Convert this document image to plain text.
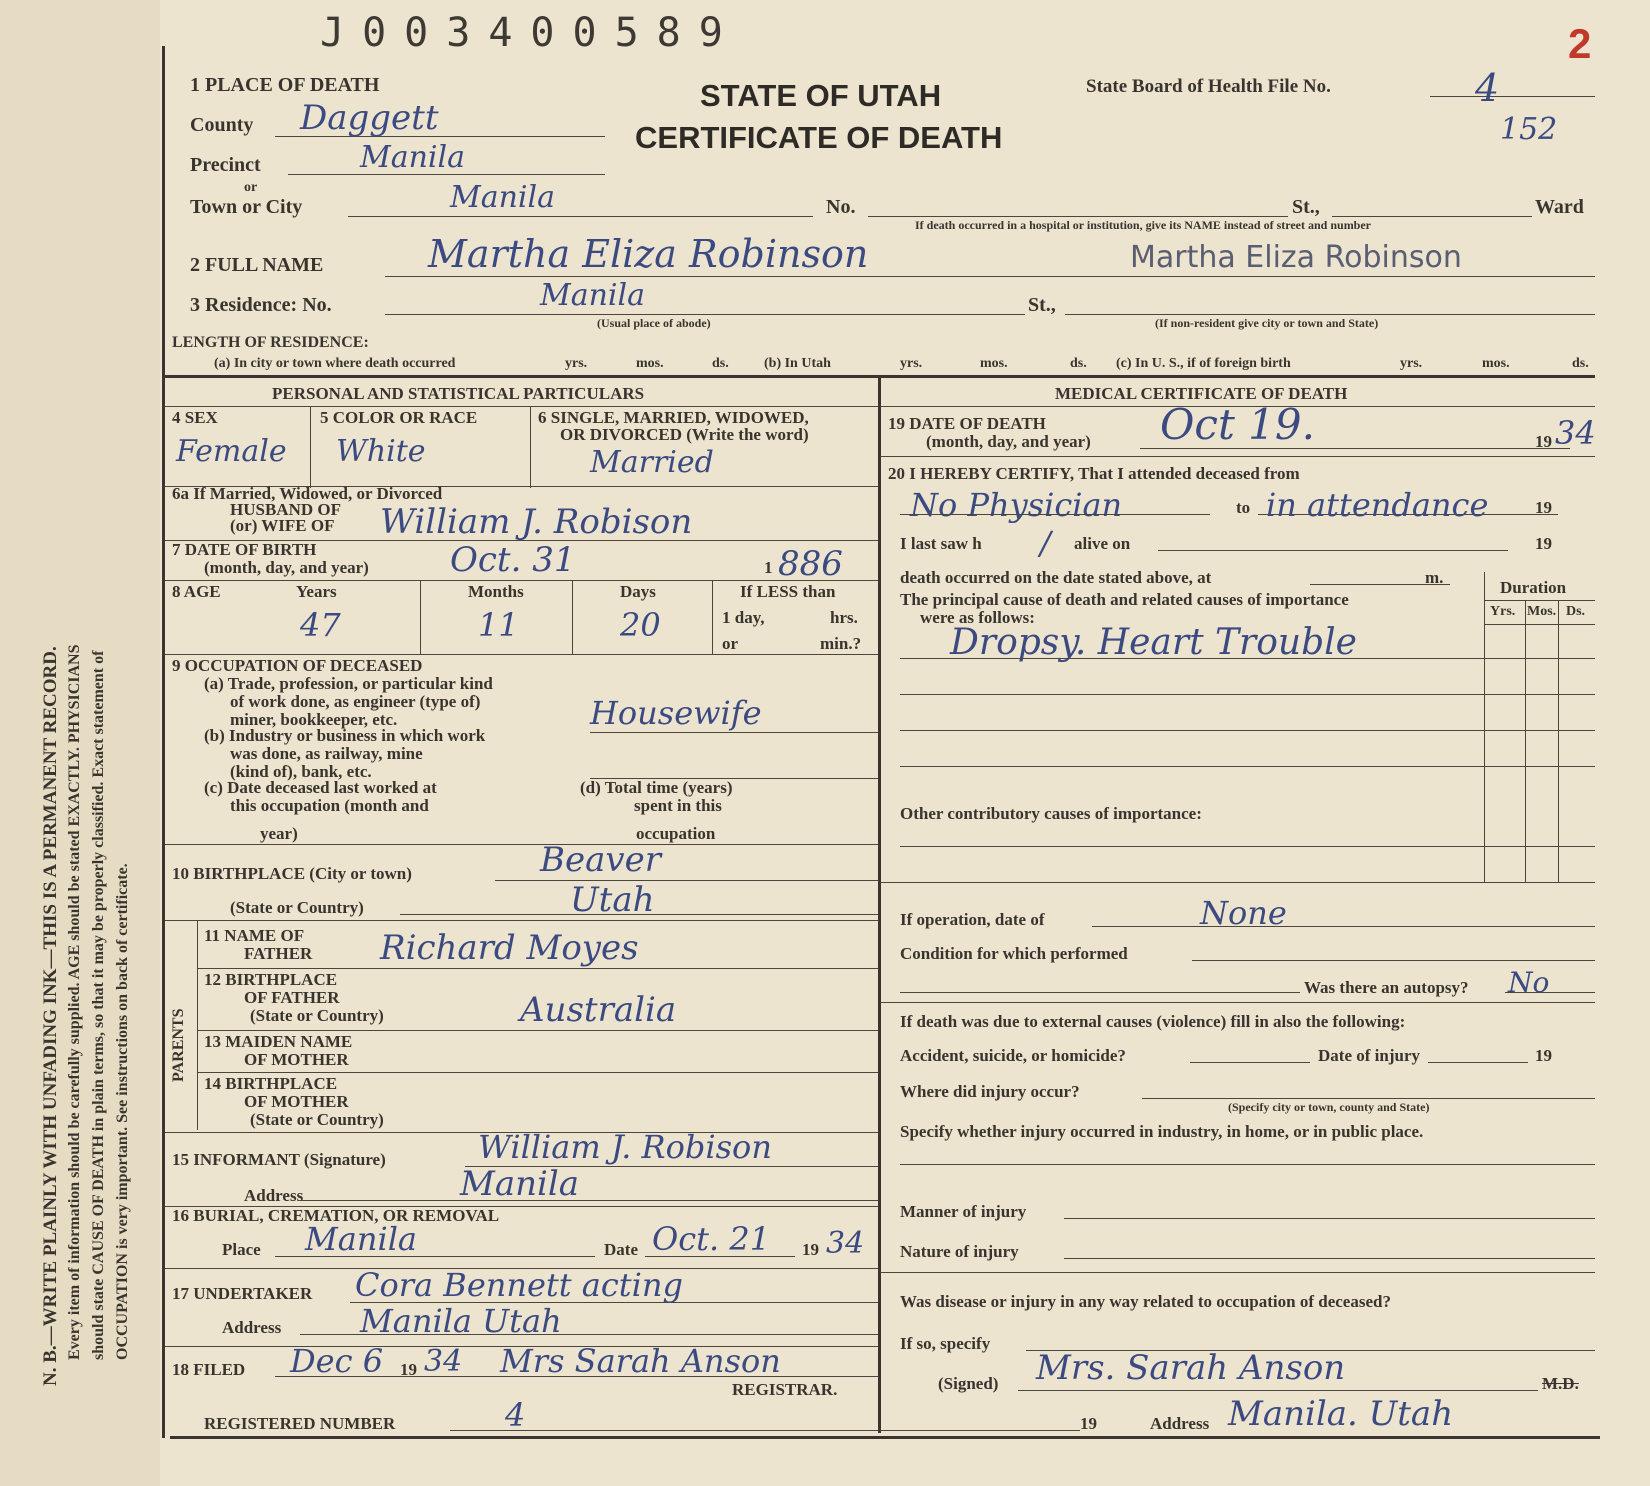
N. B.—WRITE PLAINLY WITH UNFADING INK—THIS IS A PERMANENT RECORD. Every item of information should be carefully supplied. AGE should be stated EXACTLY. PHYSICIANS should state CAUSE OF DEATH in plain terms, so that it may be properly classified. Exact statement of OCCUPATION is very important. See instructions on back of certificate.
J003400589	2
STATE OF UTAH
CERTIFICATE OF DEATH
State Board of Health File No.	4
152
1 PLACE OF DEATH
County Daggett
Precinct	Manila
or
Town or City	Manila	No.	St.,	Ward
If death occurred in a hospital or institution, give its NAME instead of street and number
2 FULL NAME	Martha Eliza Robinson	Martha Eliza Robinson
3 Residence: No.	Manila
(Usual place of abode)
St.,
(If non-resident give city or town and State)
LENGTH OF RESIDENCE:
(a) In city or town where death occurred	yrs.	mos.	ds.	(b) In Utah	yrs.	mos.	ds. (c) In U. S., if of foreign birth	yrs.	mos.	ds.
PERSONAL AND STATISTICAL PARTICULARS
4 SEX
Female
5 COLOR OR RACE
White
6 SINGLE, MARRIED, WIDOWED,
OR DIVORCED (Write the word)
Married
6a If Married, Widowed, or Divorced
HUSBAND OF
(or) WIFE OF William J. Robison
7 DATE OF BIRTH
(month, day, and year) Oct. 31	1 886
8 AGE	Years	Months	Days
47	11	20
If LESS than
1 day,	hrs.
or	min.?
9 OCCUPATION OF DECEASED
(a) Trade, profession, or particular kind
of work done, as engineer (type of)
miner, bookkeeper, etc.	Housewife
(b) Industry or business in which work
was done, as railway, mine
(kind of), bank, etc.
(c) Date deceased last worked at
this occupation (month and
year)
(d) Total time (years)
spent in this
occupation
10 BIRTHPLACE (City or town)	Beaver
(State or Country)	Utah
PARENTS
11 NAME OF
FATHER Richard Moyes
12 BIRTHPLACE
OF FATHER
(State or Country)	Australia
13 MAIDEN NAME
OF MOTHER
14 BIRTHPLACE
OF MOTHER
(State or Country)
15 INFORMANT (Signature)	William J. Robison
Address	Manila
16 BURIAL, CREMATION, OR REMOVAL
Place Manila	Date Oct. 21 19 34
17 UNDERTAKER Cora Bennett acting
Address Manila Utah
18 FILED Dec 6 19 34 Mrs Sarah Anson
REGISTRAR.
REGISTERED NUMBER	4
MEDICAL CERTIFICATE OF DEATH
19 DATE OF DEATH
(month, day, and year) Oct 19.	19 34
20 I HEREBY CERTIFY, That I attended deceased from
No Physician	to in attendance	19
I last saw h / alive on	19
death occurred on the date stated above, at	m.
The principal cause of death and related causes of importance
were as follows:
Dropsy. Heart Trouble
Duration
Yrs. Mos. Ds.
Other contributory causes of importance:
If operation, date of	None
Condition for which performed
Was there an autopsy? No
If death was due to external causes (violence) fill in also the following:
Accident, suicide, or homicide?	Date of injury	19
Where did injury occur?
(Specify city or town, county and State)
Specify whether injury occurred in industry, in home, or in public place.
Manner of injury
Nature of injury
Was disease or injury in any way related to occupation of deceased?
If so, specify
(Signed) Mrs. Sarah Anson	M.D.
19	Address Manila. Utah
